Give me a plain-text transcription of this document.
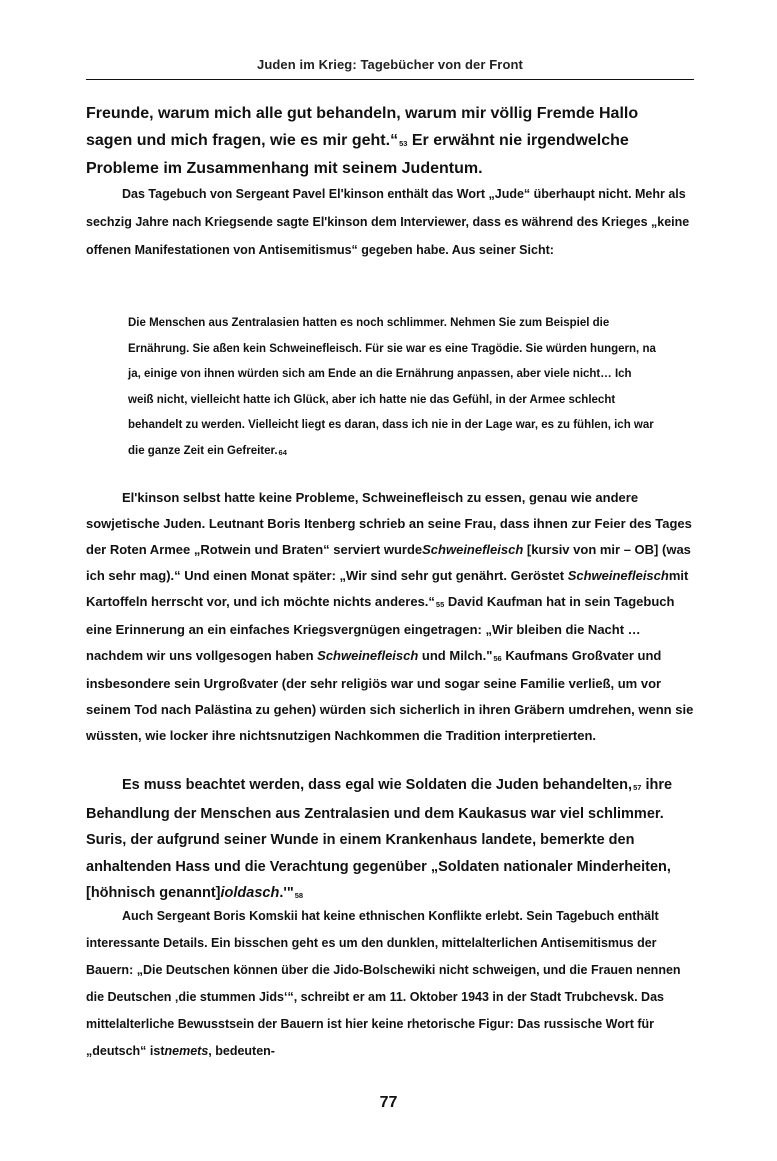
Juden im Krieg: Tagebücher von der Front

Freunde, warum mich alle gut behandeln, warum mir völlig Fremde Hallo sagen und mich fragen, wie es mir geht.“$^{53}$ Er erwähnt nie irgendwelche Probleme im Zusammenhang mit seinem Judentum.

Das Tagebuch von Sergeant Pavel El'kinson enthält das Wort „Jude“ überhaupt nicht. Mehr als sechzig Jahre nach Kriegsende sagte El'kinson dem Interviewer, dass es während des Krieges „keine offenen Manifestationen von Antisemitismus“ gegeben habe. Aus seiner Sicht:

Die Menschen aus Zentralasien hatten es noch schlimmer. Nehmen Sie zum Beispiel die Ernährung. Sie aßen kein Schweinefleisch. Für sie war es eine Tragödie. Sie würden hungern, na ja, einige von ihnen würden sich am Ende an die Ernährung anpassen, aber viele nicht… Ich weiß nicht, vielleicht hatte ich Glück, aber ich hatte nie das Gefühl, in der Armee schlecht behandelt zu werden. Vielleicht liegt es daran, dass ich nie in der Lage war, es zu fühlen, ich war die ganze Zeit ein Gefreiter.$^{64}$

El'kinson selbst hatte keine Probleme, Schweinefleisch zu essen, genau wie andere sowjetische Juden. Leutnant Boris Itenberg schrieb an seine Frau, dass ihnen zur Feier des Tages der Roten Armee „Rotwein und Braten“ serviert wurdeSchweinefleisch [kursiv von mir – OB] (was ich sehr mag).“ Und einen Monat später: „Wir sind sehr gut genährt. Geröstet Schweinefleischmit Kartoffeln herrscht vor, und ich möchte nichts anderes.“$^{55}$ David Kaufman hat in sein Tagebuch eine Erinnerung an ein einfaches Kriegsvergnügen eingetragen: „Wir bleiben die Nacht … nachdem wir uns vollgesogen haben Schweinefleisch und Milch."$^{56}$ Kaufmans Großvater und insbesondere sein Urgroßvater (der sehr religiös war und sogar seine Familie verließ, um vor seinem Tod nach Palästina zu gehen) würden sich sicherlich in ihren Gräbern umdrehen, wenn sie wüssten, wie locker ihre nichtsnutzigen Nachkommen die Tradition interpretierten.

Es muss beachtet werden, dass egal wie Soldaten die Juden behandelten,$^{57}$ ihre Behandlung der Menschen aus Zentralasien und dem Kaukasus war viel schlimmer. Suris, der aufgrund seiner Wunde in einem Krankenhaus landete, bemerkte den anhaltenden Hass und die Verachtung gegenüber „Soldaten nationaler Minderheiten, [höhnisch genannt]ioldasch.'"$^{58}$

Auch Sergeant Boris Komskii hat keine ethnischen Konflikte erlebt. Sein Tagebuch enthält interessante Details. Ein bisschen geht es um den dunklen, mittelalterlichen Antisemitismus der Bauern: „Die Deutschen können über die Jido-Bolschewiki nicht schweigen, und die Frauen nennen die Deutschen ‚die stummen Jids‘“, schreibt er am 11. Oktober 1943 in der Stadt Trubchevsk. Das mittelalterliche Bewusstsein der Bauern ist hier keine rhetorische Figur: Das russische Wort für „deutsch“ istnemets, bedeuten-

77
